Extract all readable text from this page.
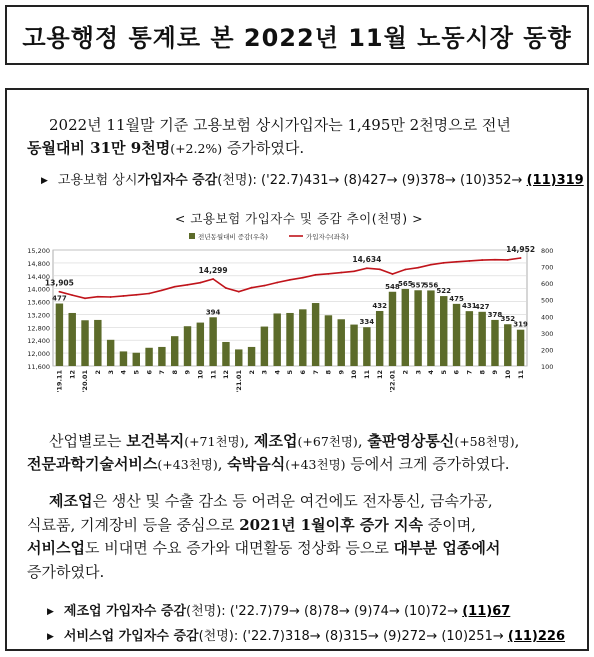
고용행정 통계로 본 2022년 11월 노동시장 동향
2022년 11월말 기준 고용보험 상시가입자는 1,495만 2천명으로 전년
동월대비 31만 9천명(+2.2%) 증가하였다.
▶ 고용보험 상시가입자수 증감(천명): ('22.7)431→ (8)427→ (9)378→ (10)352→ (11)319
< 고용보험 가입자수 및 증감 추이(천명) >
15,200
14,800
14,400
14,000
13,600
13,200
12,800
12,400
12,000
11,600
800
700
600
500
400
300
200
100
477
394
334
432
548
565
557
556
522
475
431
427
378
352
319
13,905
14,299
14,634
14,952
'19.11 12 '20.01 2 3 4 5 6 7 8 9 10 11 12 '21.01 2 3 4 5 6 7 8 9 10 11 12 '22.01 2 3 4 5 6 7 8 9 10 11
전년동월대비 증감(우측)	가입자수(좌측)
산업별로는 보건복지(+71천명), 제조업(+67천명), 출판영상통신(+58천명),
전문과학기술서비스(+43천명), 숙박음식(+43천명) 등에서 크게 증가하였다.
제조업은 생산 및 수출 감소 등 어려운 여건에도 전자통신, 금속가공,
식료품, 기계장비 등을 중심으로 2021년 1월이후 증가 지속 중이며,
서비스업도 비대면 수요 증가와 대면활동 정상화 등으로 대부분 업종에서
증가하였다.
▶ 제조업 가입자수 증감(천명): ('22.7)79→ (8)78→ (9)74→ (10)72→ (11)67
▶ 서비스업 가입자수 증감(천명): ('22.7)318→ (8)315→ (9)272→ (10)251→ (11)226
